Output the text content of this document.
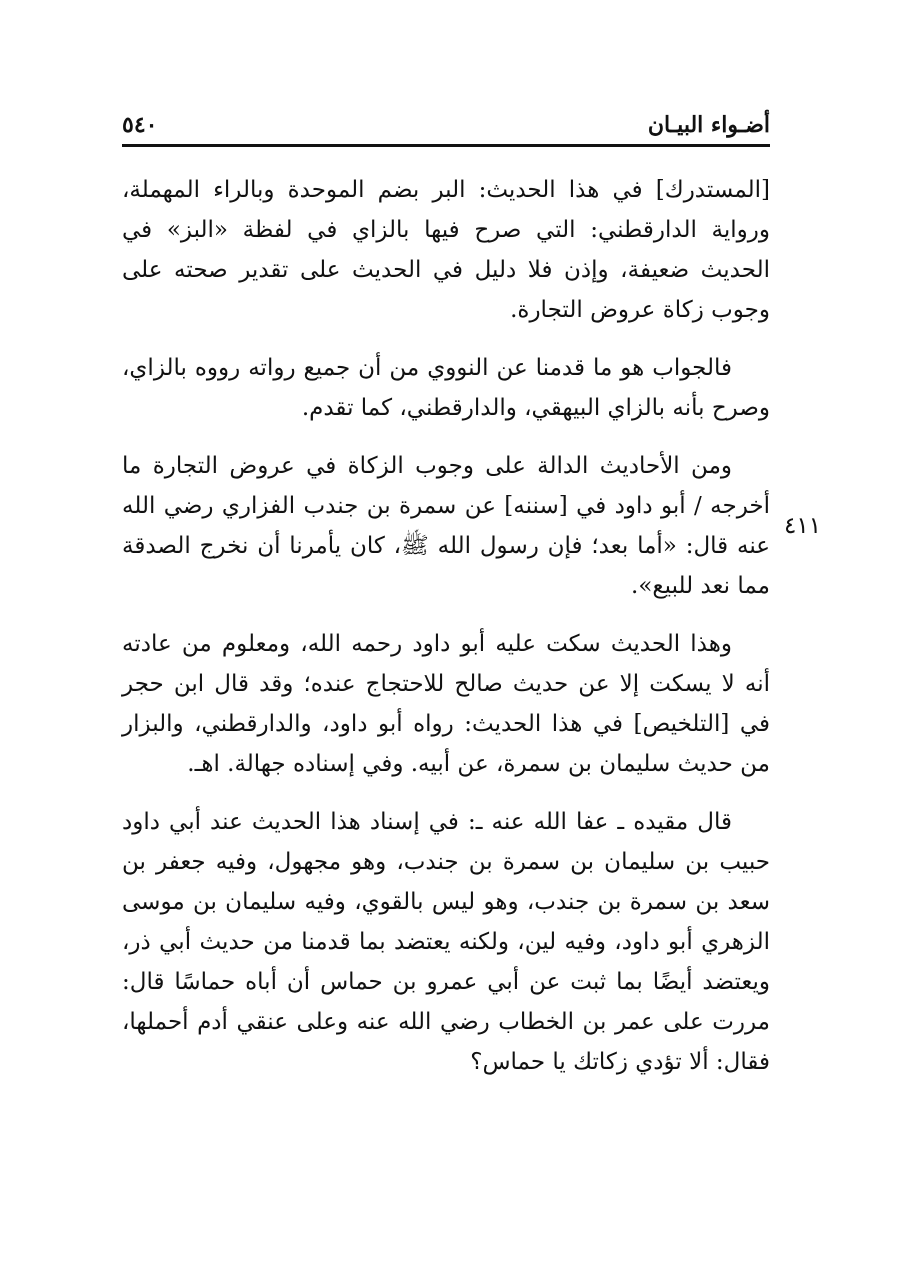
أضـواء البيـان
٥٤٠
٤١١

[المستدرك] في هذا الحديث: البر بضم الموحدة وبالراء المهملة، ورواية الدارقطني: التي صرح فيها بالزاي في لفظة «البز» في الحديث ضعيفة، وإذن فلا دليل في الحديث على تقدير صحته على وجوب زكاة عروض التجارة.

فالجواب هو ما قدمنا عن النووي من أن جميع رواته رووه بالزاي، وصرح بأنه بالزاي البيهقي، والدارقطني، كما تقدم.

ومن الأحاديث الدالة على وجوب الزكاة في عروض التجارة ما أخرجه / أبو داود في [سننه] عن سمرة بن جندب الفزاري رضي الله عنه قال: «أما بعد؛ فإن رسول الله ﷺ، كان يأمرنا أن نخرج الصدقة مما نعد للبيع».

وهذا الحديث سكت عليه أبو داود رحمه الله، ومعلوم من عادته أنه لا يسكت إلا عن حديث صالح للاحتجاج عنده؛ وقد قال ابن حجر في [التلخيص] في هذا الحديث: رواه أبو داود، والدارقطني، والبزار من حديث سليمان بن سمرة، عن أبيه. وفي إسناده جهالة. اهـ.

قال مقيده ـ عفا الله عنه ـ: في إسناد هذا الحديث عند أبي داود حبيب بن سليمان بن سمرة بن جندب، وهو مجهول، وفيه جعفر بن سعد بن سمرة بن جندب، وهو ليس بالقوي، وفيه سليمان بن موسى الزهري أبو داود، وفيه لين، ولكنه يعتضد بما قدمنا من حديث أبي ذر، ويعتضد أيضًا بما ثبت عن أبي عمرو بن حماس أن أباه حماسًا قال: مررت على عمر بن الخطاب رضي الله عنه وعلى عنقي أدم أحملها، فقال: ألا تؤدي زكاتك يا حماس؟
